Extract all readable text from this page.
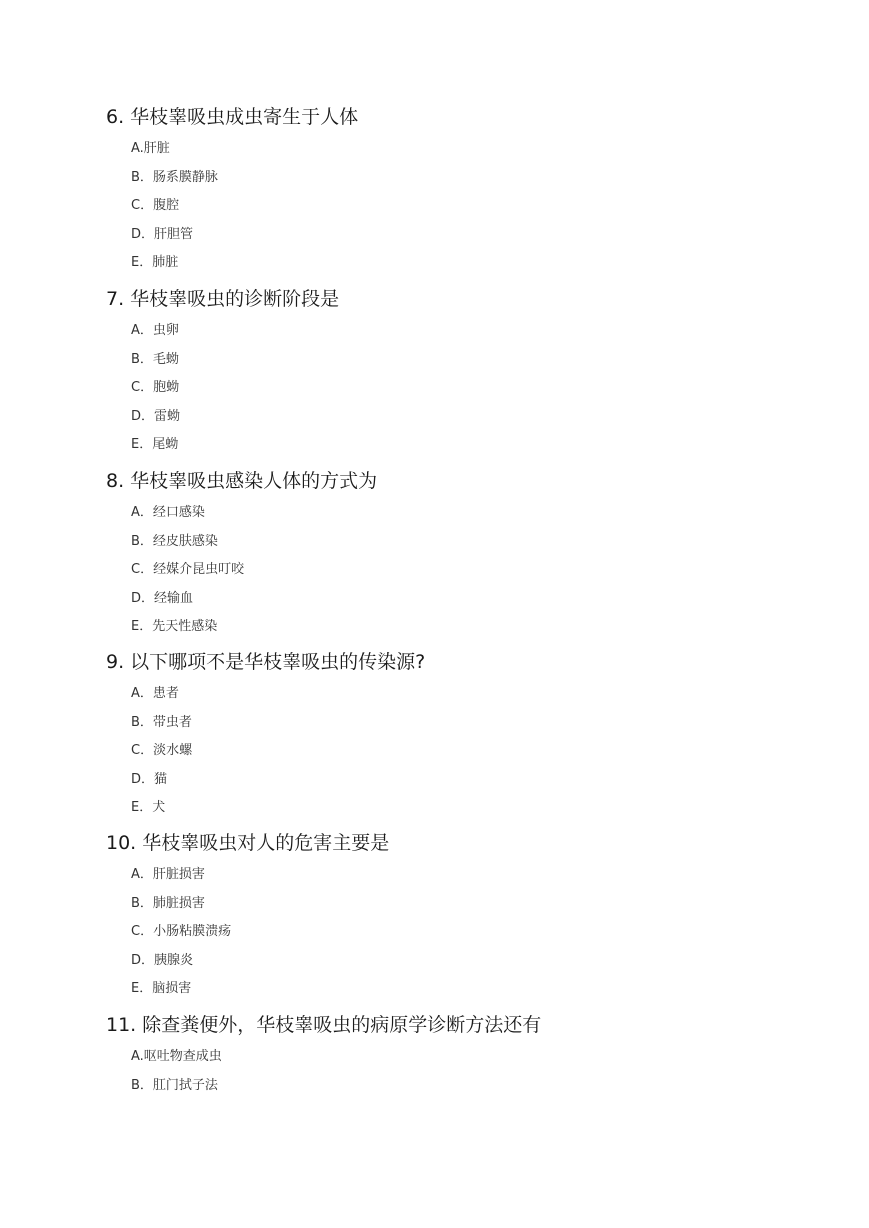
6. 华枝睾吸虫成虫寄生于人体
A.肝脏
B．肠系膜静脉
C．腹腔
D．肝胆管
E．肺脏
7. 华枝睾吸虫的诊断阶段是
A．虫卵
B．毛蚴
C．胞蚴
D．雷蚴
E．尾蚴
8. 华枝睾吸虫感染人体的方式为
A．经口感染
B．经皮肤感染
C．经媒介昆虫叮咬
D．经输血
E．先天性感染
9. 以下哪项不是华枝睾吸虫的传染源?
A．患者
B．带虫者
C．淡水螺
D．猫
E．犬
10. 华枝睾吸虫对人的危害主要是
A．肝脏损害
B．肺脏损害
C．小肠粘膜溃疡
D．胰腺炎
E．脑损害
11. 除查粪便外，华枝睾吸虫的病原学诊断方法还有
A.呕吐物查成虫
B．肛门拭子法
